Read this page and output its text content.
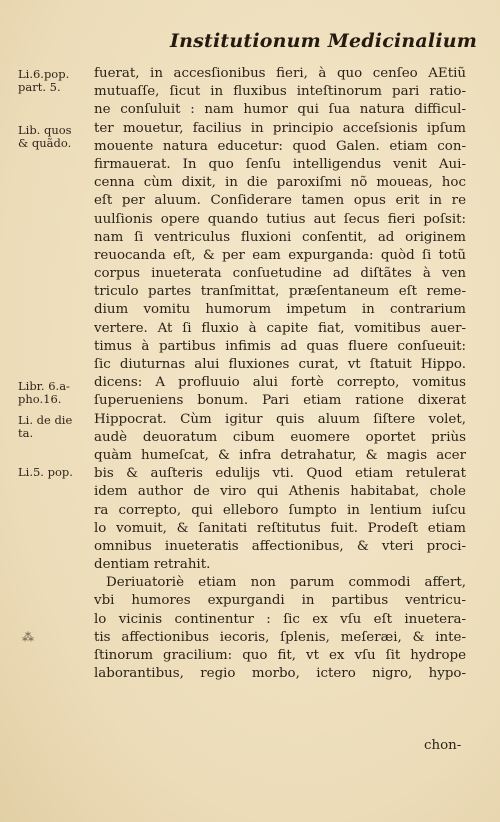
Institutionum Medicinalium
Li.6.pop.
part. 5.
Lib. quos
& quãdo.
Libr. 6.a-
pho.16.
Li. de die
ta.
Li.5. pop.
⁂
fuerat, in accesſionibus fieri, à quo cenſeo AEtiũ
mutuaſſe, ſicut in fluxibus inteſtinorum pari ratio-
ne conſuluit : nam humor qui ſua natura difficul-
ter mouetur, facilius in principio acceſsionis ipſum
mouente natura educetur: quod Galen. etiam con-
firmauerat. In quo ſenſu intelligendus venit Aui-
cenna cùm dixit, in die paroxiſmi nõ moueas, hoc
eſt per aluum. Conſiderare tamen opus erit in re
uulſionis opere quando tutius aut ſecus fieri poſsit:
nam ſi ventriculus fluxioni conſentit, ad originem
reuocanda eſt, & per eam expurganda: quòd ſi totũ
corpus inueterata conſuetudine ad diſtãtes à ven
triculo partes tranſmittat, præſentaneum eſt reme-
dium vomitu humorum impetum in contrarium
vertere. At ſi fluxio à capite fiat, vomitibus auer-
timus à partibus infimis ad quas fluere conſueuit:
ſic diuturnas alui fluxiones curat, vt ſtatuit Hippo.
dicens: A profluuio alui fortè correpto, vomitus
ſuperueniens bonum. Pari etiam ratione dixerat
Hippocrat. Cùm igitur quis aluum ſiſtere volet,
audè deuoratum cibum euomere oportet priùs
quàm humeſcat, & infra detrahatur, & magis acer
bis & auſteris edulijs vti. Quod etiam retulerat
idem author de viro qui Athenis habitabat, chole
ra correpto, qui elleboro ſumpto in lentium iuſcu
lo vomuit, & ſanitati reſtitutus fuit. Prodeſt etiam
omnibus inueteratis affectionibus, & vteri proci-
dentiam retrahit.
Deriuatoriè etiam non parum commodi affert,
vbi humores expurgandi in partibus ventricu-
lo vicinis continentur : ſic ex vſu eſt inuetera-
tis affectionibus iecoris, ſplenis, meſeræi, & inte-
ſtinorum gracilium: quo fit, vt ex vſu ſit hydrope
laborantibus, regio morbo, ictero nigro, hypo-
chon-
